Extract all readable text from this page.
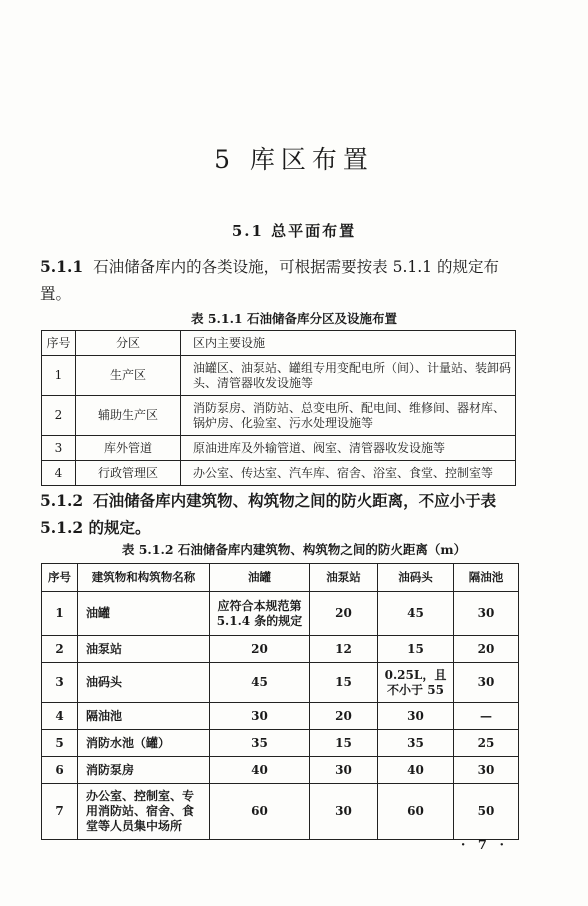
5 库区布置
5.1 总平面布置
5.1.1 石油储备库内的各类设施，可根据需要按表 5.1.1 的规定布置。
表 5.1.1 石油储备库分区及设施布置
序号	分区	区内主要设施
1	生产区	油罐区、油泵站、罐组专用变配电所（间）、计量站、装卸码头、清管器收发设施等
2	辅助生产区	消防泵房、消防站、总变电所、配电间、维修间、器材库、锅炉房、化验室、污水处理设施等
3	库外管道	原油进库及外输管道、阀室、清管器收发设施等
4	行政管理区	办公室、传达室、汽车库、宿舍、浴室、食堂、控制室等
5.1.2 石油储备库内建筑物、构筑物之间的防火距离，不应小于表 5.1.2 的规定。
表 5.1.2 石油储备库内建筑物、构筑物之间的防火距离（m）
序号	建筑物和构筑物名称	油罐	油泵站	油码头	隔油池
1	油罐	应符合本规范第 5.1.4 条的规定	20	45	30
2	油泵站	20	12	15	20
3	油码头	45	15	0.25L，且不小于 55	30
4	隔油池	30	20	30	—
5	消防水池（罐）	35	15	35	25
6	消防泵房	40	30	40	30
7	办公室、控制室、专用消防站、宿舍、食堂等人员集中场所	60	30	60	50
· 7 ·
